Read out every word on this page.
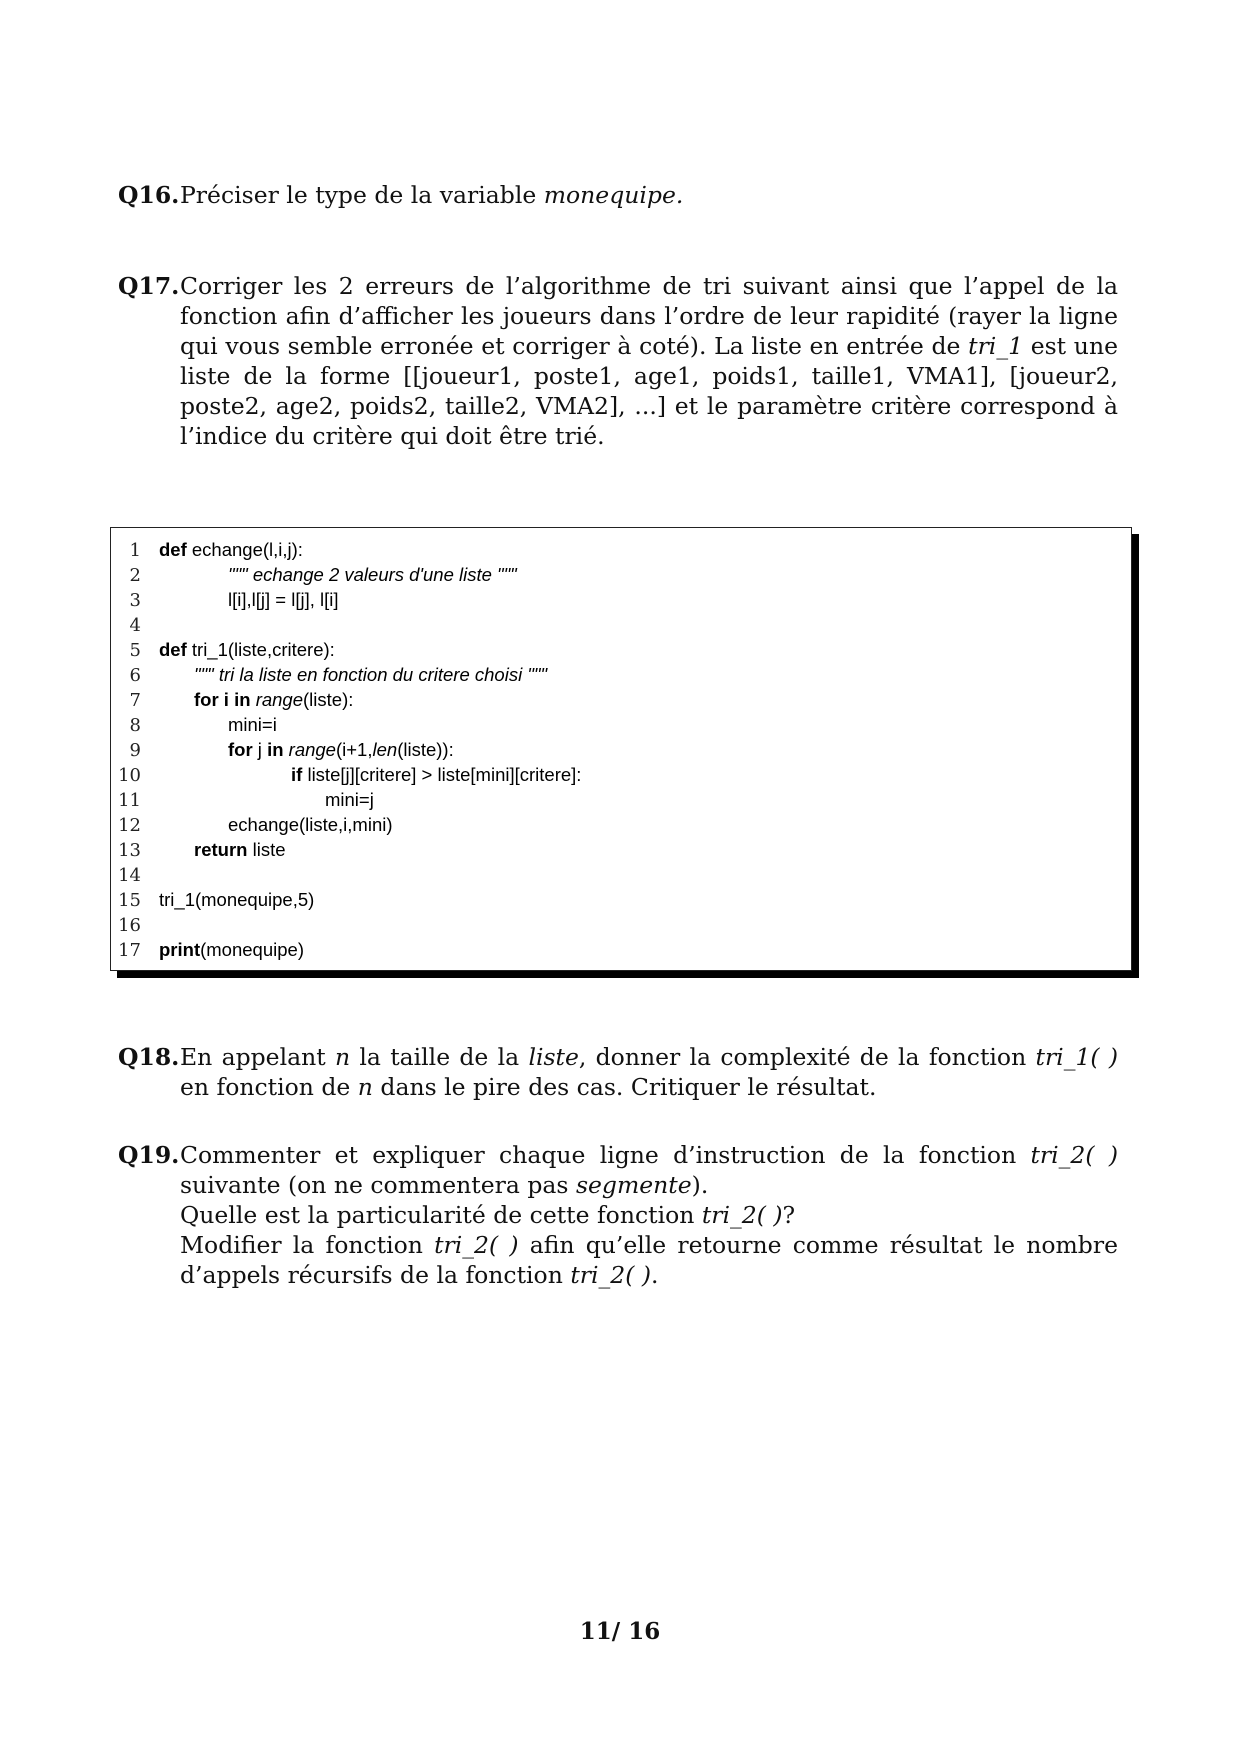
Q16. Préciser le type de la variable monequipe.
Q17. Corriger les 2 erreurs de l’algorithme de tri suivant ainsi que l’appel de la fonction afin d’afficher les joueurs dans l’ordre de leur rapidité (rayer la ligne qui vous semble erronée et corriger à coté). La liste en entrée de tri_1 est une liste de la forme [[joueur1, poste1, age1, poids1, taille1, VMA1], [joueur2, poste2, age2, poids2, taille2, VMA2], ...] et le paramètre critère correspond à l’indice du critère qui doit être trié.
1 def echange(l,i,j):
2	""" echange 2 valeurs d'une liste """
3	l[i],l[j] = l[j], l[i]
4
5 def tri_1(liste,critere):
6	""" tri la liste en fonction du critere choisi """
7	for i in range(liste):
8	mini=i
9	for j in range(i+1,len(liste)):
10	if liste[j][critere] > liste[mini][critere]:
11	mini=j
12	echange(liste,i,mini)
13	return liste
14
15 tri_1(monequipe,5)
16
17 print(monequipe)
Q18. En appelant n la taille de la liste, donner la complexité de la fonction tri_1( ) en fonction de n dans le pire des cas. Critiquer le résultat.
Q19. Commenter et expliquer chaque ligne d’instruction de la fonction tri_2( ) suivante (on ne commentera pas segmente).

Quelle est la particularité de cette fonction tri_2( )?

Modifier la fonction tri_2( ) afin qu’elle retourne comme résultat le nombre d’appels récursifs de la fonction tri_2( ).

11/ 16
